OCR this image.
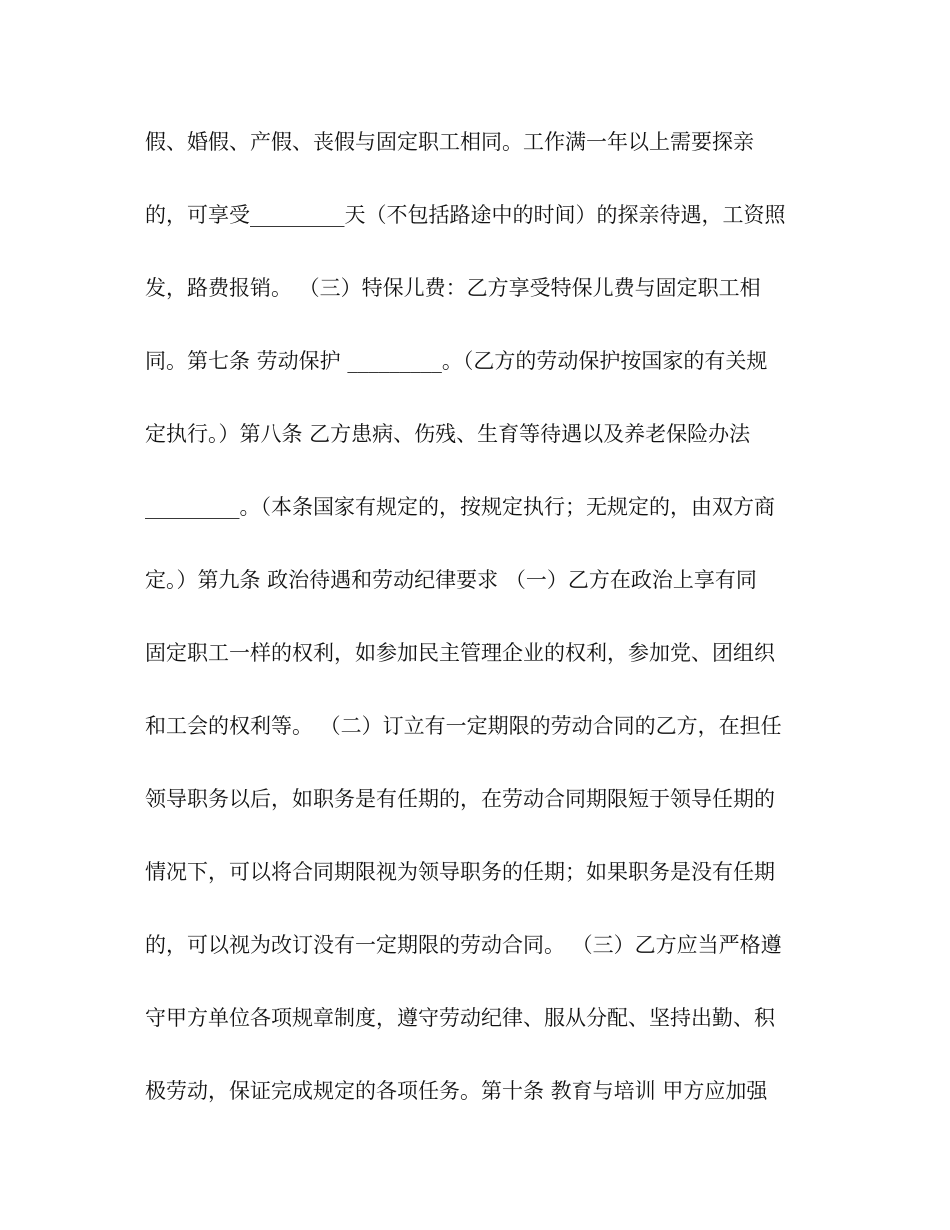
假、婚假、产假、丧假与固定职工相同。工作满一年以上需要探亲
的，可享受_________天（不包括路途中的时间）的探亲待遇，工资照
发，路费报销。 （三）特保儿费：乙方享受特保儿费与固定职工相
同。第七条 劳动保护 _________。（乙方的劳动保护按国家的有关规
定执行。）第八条 乙方患病、伤残、生育等待遇以及养老保险办法
_________。（本条国家有规定的，按规定执行；无规定的，由双方商
定。）第九条 政治待遇和劳动纪律要求 （一）乙方在政治上享有同
固定职工一样的权利，如参加民主管理企业的权利，参加党、团组织
和工会的权利等。 （二）订立有一定期限的劳动合同的乙方，在担任
领导职务以后，如职务是有任期的，在劳动合同期限短于领导任期的
情况下，可以将合同期限视为领导职务的任期；如果职务是没有任期
的，可以视为改订没有一定期限的劳动合同。 （三）乙方应当严格遵
守甲方单位各项规章制度，遵守劳动纪律、服从分配、坚持出勤、积
极劳动，保证完成规定的各项任务。第十条 教育与培训 甲方应加强
